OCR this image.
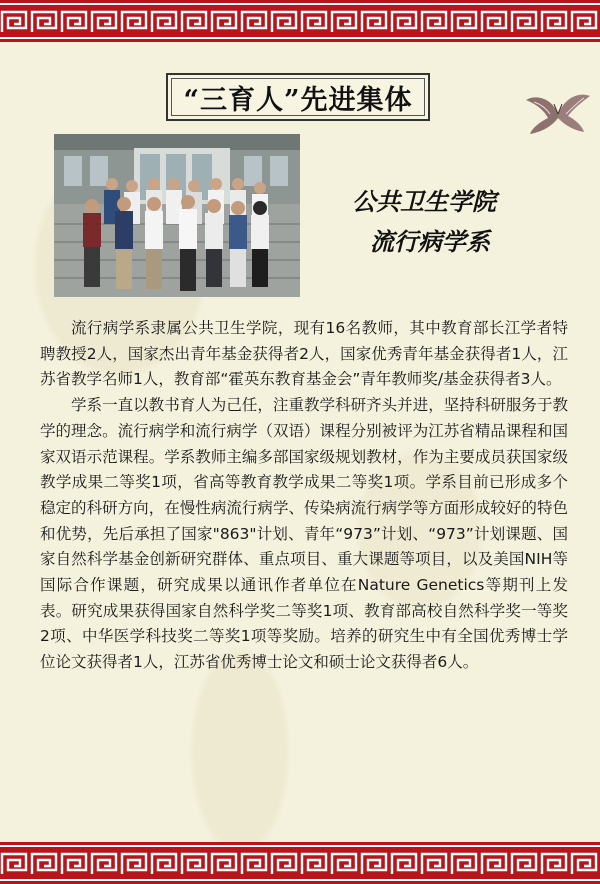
“三育人”先进集体
公共卫生学院
流行病学系

流行病学系隶属公共卫生学院，现有16名教师，其中教育部长江学者特聘教授2人，国家杰出青年基金获得者2人，国家优秀青年基金获得者1人，江苏省教学名师1人，教育部“霍英东教育基金会”青年教师奖/基金获得者3人。

学系一直以教书育人为己任，注重教学科研齐头并进，坚持科研服务于教学的理念。流行病学和流行病学（双语）课程分别被评为江苏省精品课程和国家双语示范课程。学系教师主编多部国家级规划教材，作为主要成员获国家级教学成果二等奖1项，省高等教育教学成果二等奖1项。学系目前已形成多个稳定的科研方向，在慢性病流行病学、传染病流行病学等方面形成较好的特色和优势，先后承担了国家"863"计划、青年“973”计划、“973”计划课题、国家自然科学基金创新研究群体、重点项目、重大课题等项目，以及美国NIH等国际合作课题，研究成果以通讯作者单位在Nature Genetics等期刊上发表。研究成果获得国家自然科学奖二等奖1项、教育部高校自然科学奖一等奖2项、中华医学科技奖二等奖1项等奖励。培养的研究生中有全国优秀博士学位论文获得者1人，江苏省优秀博士论文和硕士论文获得者6人。
